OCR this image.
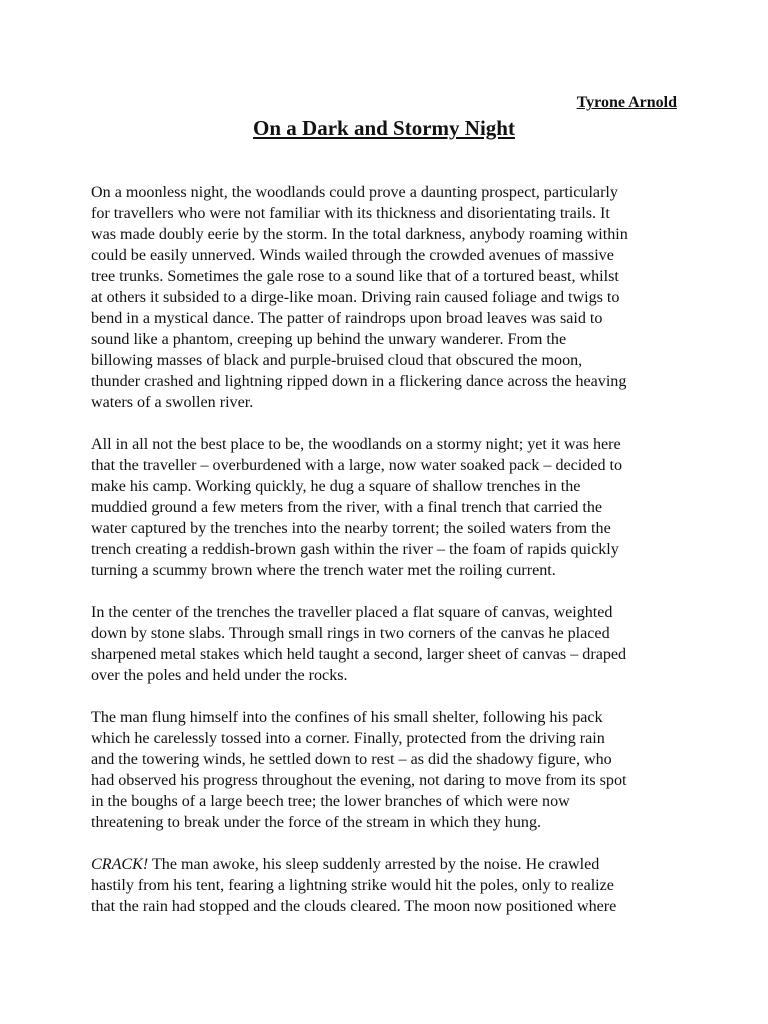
Tyrone Arnold
On a Dark and Stormy Night

On a moonless night, the woodlands could prove a daunting prospect, particularly
for travellers who were not familiar with its thickness and disorientating trails. It
was made doubly eerie by the storm. In the total darkness, anybody roaming within
could be easily unnerved. Winds wailed through the crowded avenues of massive
tree trunks. Sometimes the gale rose to a sound like that of a tortured beast, whilst
at others it subsided to a dirge-like moan. Driving rain caused foliage and twigs to
bend in a mystical dance. The patter of raindrops upon broad leaves was said to
sound like a phantom, creeping up behind the unwary wanderer. From the
billowing masses of black and purple-bruised cloud that obscured the moon,
thunder crashed and lightning ripped down in a flickering dance across the heaving
waters of a swollen river.

All in all not the best place to be, the woodlands on a stormy night; yet it was here
that the traveller – overburdened with a large, now water soaked pack – decided to
make his camp. Working quickly, he dug a square of shallow trenches in the
muddied ground a few meters from the river, with a final trench that carried the
water captured by the trenches into the nearby torrent; the soiled waters from the
trench creating a reddish-brown gash within the river – the foam of rapids quickly
turning a scummy brown where the trench water met the roiling current.

In the center of the trenches the traveller placed a flat square of canvas, weighted
down by stone slabs. Through small rings in two corners of the canvas he placed
sharpened metal stakes which held taught a second, larger sheet of canvas – draped
over the poles and held under the rocks.

The man flung himself into the confines of his small shelter, following his pack
which he carelessly tossed into a corner. Finally, protected from the driving rain
and the towering winds, he settled down to rest – as did the shadowy figure, who
had observed his progress throughout the evening, not daring to move from its spot
in the boughs of a large beech tree; the lower branches of which were now
threatening to break under the force of the stream in which they hung.

CRACK! The man awoke, his sleep suddenly arrested by the noise. He crawled
hastily from his tent, fearing a lightning strike would hit the poles, only to realize
that the rain had stopped and the clouds cleared. The moon now positioned where
